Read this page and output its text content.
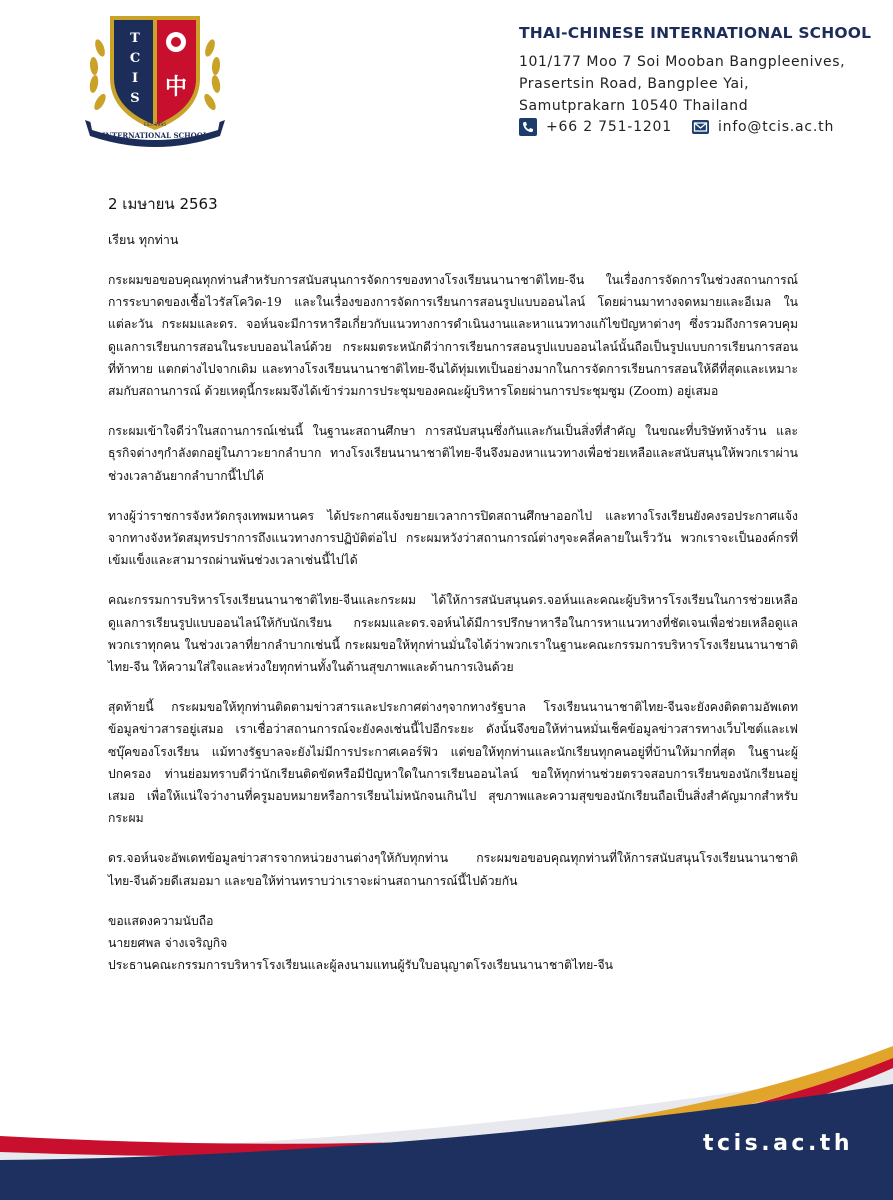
T
C
I
S 中
EST. 1995
INTERNATIONAL SCHOOL
THAI-CHINESE INTERNATIONAL SCHOOL
101/177 Moo 7 Soi Mooban Bangpleenives,
Prasertsin Road, Bangplee Yai,
Samutprakarn 10540 Thailand
+66 2 751-1201	info@tcis.ac.th
2 เมษายน 2563
เรียน ทุกท่าน

กระผมขอขอบคุณทุกท่านสำหรับการสนับสนุนการจัดการของทางโรงเรียนนานาชาติไทย-จีน ในเรื่องการจัดการในช่วงสถานการณ์การระบาดของเชื้อไวรัสโควิด-19 และในเรื่องของการจัดการเรียนการสอนรูปแบบออนไลน์ โดยผ่านมาทางจดหมายและอีเมล ในแต่ละวัน กระผมและดร. จอห์นจะมีการหารือเกี่ยวกับแนวทางการดำเนินงานและหาแนวทางแก้ไขปัญหาต่างๆ ซึ่งรวมถึงการควบคุมดูแลการเรียนการสอนในระบบออนไลน์ด้วย กระผมตระหนักดีว่าการเรียนการสอนรูปแบบออนไลน์นั้นถือเป็นรูปแบบการเรียนการสอนที่ท้าทาย แตกต่างไปจากเดิม และทางโรงเรียนนานาชาติไทย-จีนได้ทุ่มเทเป็นอย่างมากในการจัดการเรียนการสอนให้ดีที่สุดและเหมาะสมกับสถานการณ์ ด้วยเหตุนี้กระผมจึงได้เข้าร่วมการประชุมของคณะผู้บริหารโดยผ่านการประชุมซูม (Zoom) อยู่เสมอ

กระผมเข้าใจดีว่าในสถานการณ์เช่นนี้ ในฐานะสถานศึกษา การสนับสนุนซึ่งกันและกันเป็นสิ่งที่สำคัญ ในขณะที่บริษัทห้างร้าน และธุรกิจต่างๆกำลังตกอยู่ในภาวะยากลำบาก ทางโรงเรียนนานาชาติไทย-จีนจึงมองหาแนวทางเพื่อช่วยเหลือและสนับสนุนให้พวกเราผ่านช่วงเวลาอันยากลำบากนี้ไปได้

ทางผู้ว่าราชการจังหวัดกรุงเทพมหานคร ได้ประกาศแจ้งขยายเวลาการปิดสถานศึกษาออกไป และทางโรงเรียนยังคงรอประกาศแจ้งจากทางจังหวัดสมุทรปราการถึงแนวทางการปฏิบัติต่อไป กระผมหวังว่าสถานการณ์ต่างๆจะคลี่คลายในเร็ววัน พวกเราจะเป็นองค์กรที่เข้มแข็งและสามารถผ่านพ้นช่วงเวลาเช่นนี้ไปได้

คณะกรรมการบริหารโรงเรียนนานาชาติไทย-จีนและกระผม ได้ให้การสนับสนุนดร.จอห์นและคณะผู้บริหารโรงเรียนในการช่วยเหลือดูแลการเรียนรูปแบบออนไลน์ให้กับนักเรียน กระผมและดร.จอห์นได้มีการปรึกษาหารือในการหาแนวทางที่ชัดเจนเพื่อช่วยเหลือดูแลพวกเราทุกคน ในช่วงเวลาที่ยากลำบากเช่นนี้ กระผมขอให้ทุกท่านมั่นใจได้ว่าพวกเราในฐานะคณะกรรมการบริหารโรงเรียนนานาชาติไทย-จีน ให้ความใส่ใจและห่วงใยทุกท่านทั้งในด้านสุขภาพและด้านการเงินด้วย

สุดท้ายนี้ กระผมขอให้ทุกท่านติดตามข่าวสารและประกาศต่างๆจากทางรัฐบาล โรงเรียนนานาชาติไทย-จีนจะยังคงติดตามอัพเดทข้อมูลข่าวสารอยู่เสมอ เราเชื่อว่าสถานการณ์จะยังคงเช่นนี้ไปอีกระยะ ดังนั้นจึงขอให้ท่านหมั่นเช็คข้อมูลข่าวสารทางเว็บไซต์และเฟซบุ๊คของโรงเรียน แม้ทางรัฐบาลจะยังไม่มีการประกาศเคอร์ฟิว แต่ขอให้ทุกท่านและนักเรียนทุกคนอยู่ที่บ้านให้มากที่สุด ในฐานะผู้ปกครอง ท่านย่อมทราบดีว่านักเรียนติดขัดหรือมีปัญหาใดในการเรียนออนไลน์ ขอให้ทุกท่านช่วยตรวจสอบการเรียนของนักเรียนอยู่เสมอ เพื่อให้แน่ใจว่างานที่ครูมอบหมายหรือการเรียนไม่หนักจนเกินไป สุขภาพและความสุขของนักเรียนถือเป็นสิ่งสำคัญมากสำหรับกระผม

ดร.จอห์นจะอัพเดทข้อมูลข่าวสารจากหน่วยงานต่างๆให้กับทุกท่าน กระผมขอขอบคุณทุกท่านที่ให้การสนับสนุนโรงเรียนนานาชาติไทย-จีนด้วยดีเสมอมา และขอให้ท่านทราบว่าเราจะผ่านสถานการณ์นี้ไปด้วยกัน

ขอแสดงความนับถือ
นายยศพล จ่างเจริญกิจ
ประธานคณะกรรมการบริหารโรงเรียนและผู้ลงนามแทนผู้รับใบอนุญาตโรงเรียนนานาชาติไทย-จีน
tcis.ac.th
